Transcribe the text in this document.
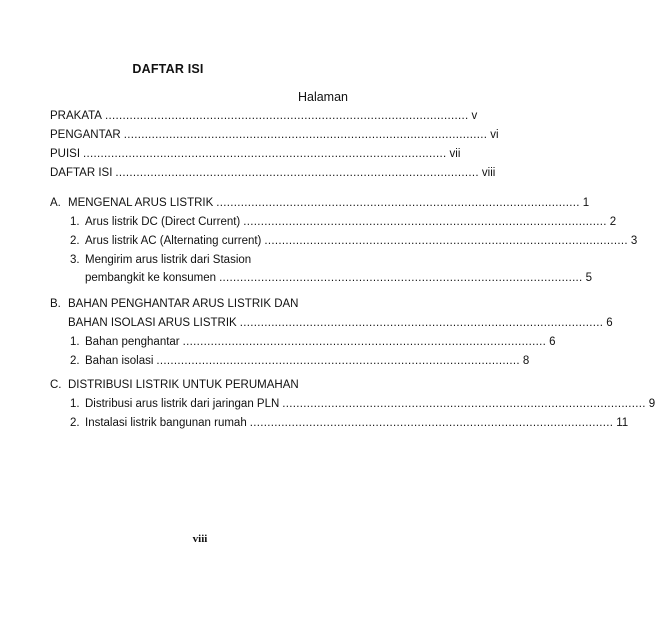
DAFTAR ISI
Halaman
PRAKATA ........................................................................................................ v
PENGANTAR ........................................................................................................ vi
PUISI ........................................................................................................ vii
DAFTAR ISI ........................................................................................................ viii
A. MENGENAL ARUS LISTRIK ........................................................................................................ 1
1. Arus listrik DC (Direct Current) ........................................................................................................ 2
2. Arus listrik AC (Alternating current) ........................................................................................................ 3
3. Mengirim arus listrik dari Stasion
pembangkit ke konsumen ........................................................................................................ 5
B. BAHAN PENGHANTAR ARUS LISTRIK DAN
BAHAN ISOLASI ARUS LISTRIK ........................................................................................................ 6
1. Bahan penghantar ........................................................................................................ 6
2. Bahan isolasi ........................................................................................................ 8
C. DISTRIBUSI LISTRIK UNTUK PERUMAHAN
1. Distribusi arus listrik dari jaringan PLN ........................................................................................................ 9
2. Instalasi listrik bangunan rumah ........................................................................................................ 11
viii
